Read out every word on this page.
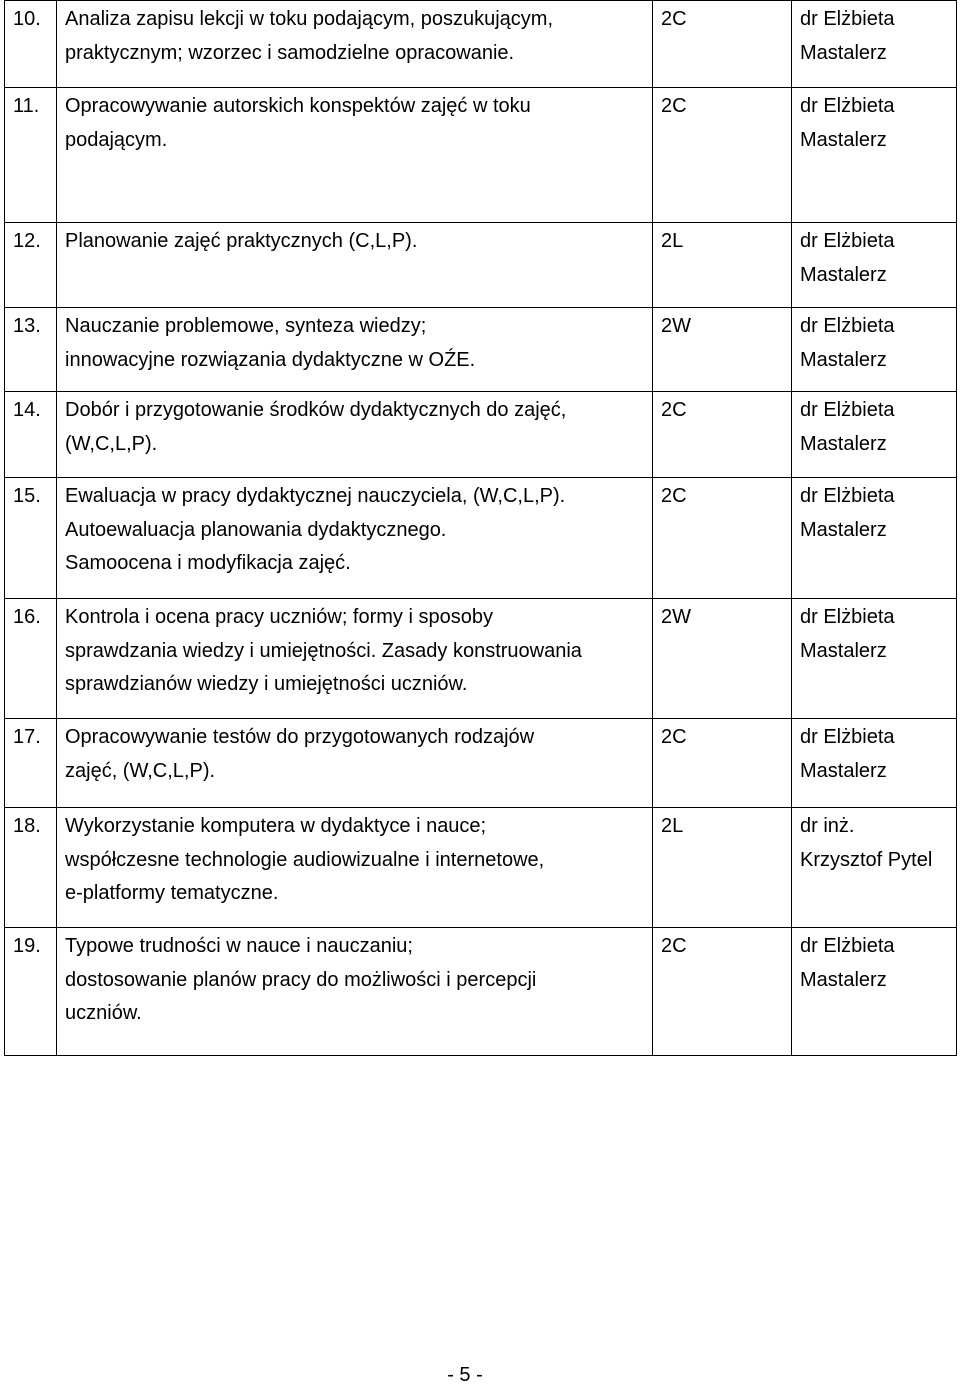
10.	Analiza zapisu lekcji w toku podającym, poszukującym,
praktycznym; wzorzec i samodzielne opracowanie.	2C	dr Elżbieta
Mastalerz

11.	Opracowywanie autorskich konspektów zajęć w toku
podającym.	2C	dr Elżbieta
Mastalerz

12.	Planowanie zajęć praktycznych (C,L,P).	2L	dr Elżbieta
Mastalerz

13.	Nauczanie problemowe, synteza wiedzy;
innowacyjne rozwiązania dydaktyczne w OŹE.	2W	dr Elżbieta
Mastalerz

14.	Dobór i przygotowanie środków dydaktycznych do zajęć,
(W,C,L,P).	2C	dr Elżbieta
Mastalerz

15.	Ewaluacja w pracy dydaktycznej nauczyciela, (W,C,L,P).
Autoewaluacja planowania dydaktycznego.
Samoocena i modyfikacja zajęć.	2C	dr Elżbieta
Mastalerz

16.	Kontrola i ocena pracy uczniów; formy i sposoby
sprawdzania wiedzy i umiejętności. Zasady konstruowania
sprawdzianów wiedzy i umiejętności uczniów.	2W	dr Elżbieta
Mastalerz

17.	Opracowywanie testów do przygotowanych rodzajów
zajęć, (W,C,L,P).	2C	dr Elżbieta
Mastalerz

18.	Wykorzystanie komputera w dydaktyce i nauce;
współczesne technologie audiowizualne i internetowe,
e-platformy tematyczne.	2L	dr inż.
Krzysztof Pytel

19.	Typowe trudności w nauce i nauczaniu;
dostosowanie planów pracy do możliwości i percepcji
uczniów.	2C	dr Elżbieta
Mastalerz
- 5 -
